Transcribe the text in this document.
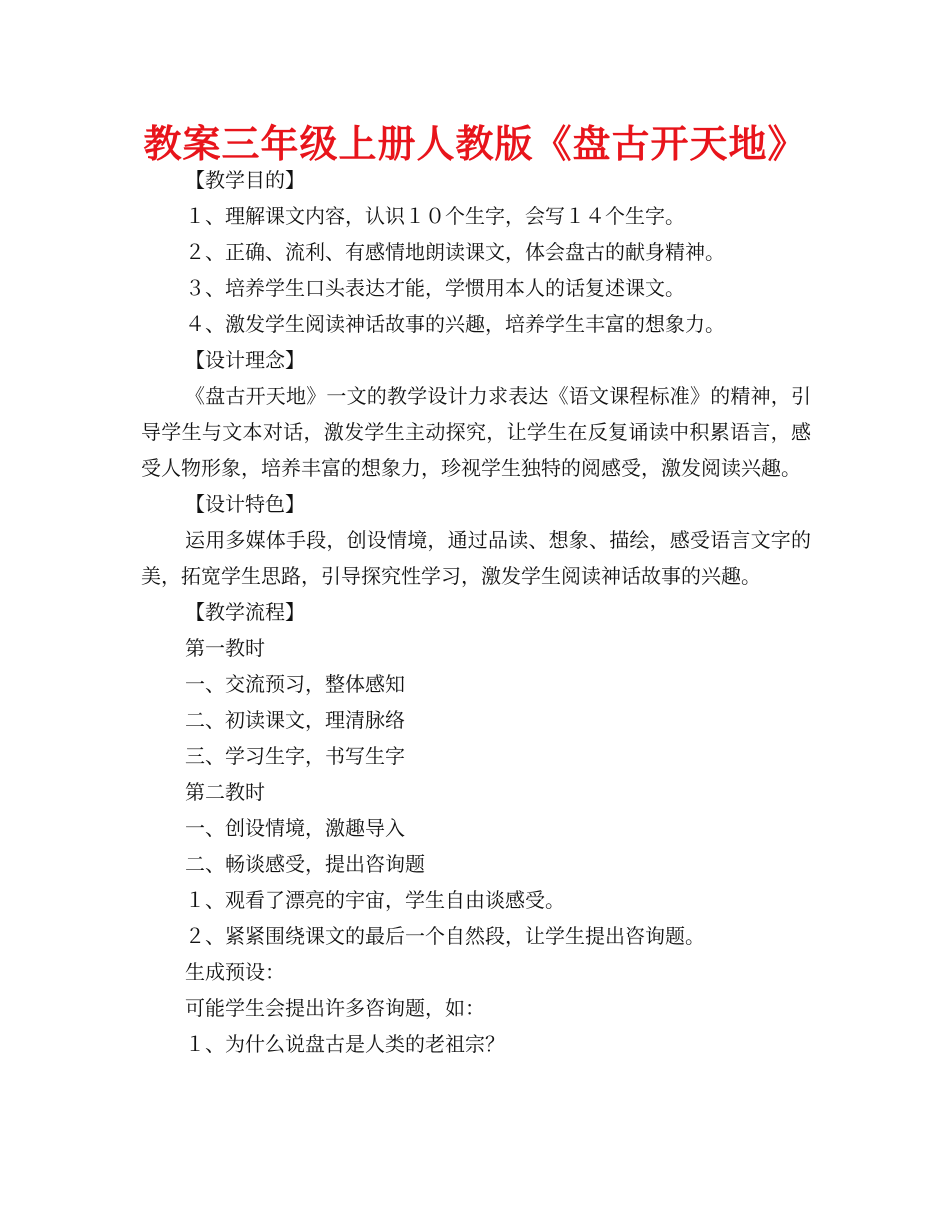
教案三年级上册人教版《盘古开天地》
【教学目的】
１、理解课文内容，认识１０个生字，会写１４个生字。
２、正确、流利、有感情地朗读课文，体会盘古的献身精神。
３、培养学生口头表达才能，学惯用本人的话复述课文。
４、激发学生阅读神话故事的兴趣，培养学生丰富的想象力。
【设计理念】

《盘古开天地》一文的教学设计力求表达《语文课程标准》的精神，引导学生与文本对话，激发学生主动探究，让学生在反复诵读中积累语言，感受人物形象，培养丰富的想象力，珍视学生独特的阅感受，激发阅读兴趣。

【设计特色】

运用多媒体手段，创设情境，通过品读、想象、描绘，感受语言文字的美，拓宽学生思路，引导探究性学习，激发学生阅读神话故事的兴趣。

【教学流程】
第一教时
一、交流预习，整体感知
二、初读课文，理清脉络
三、学习生字，书写生字
第二教时
一、创设情境，激趣导入
二、畅谈感受，提出咨询题
１、观看了漂亮的宇宙，学生自由谈感受。
２、紧紧围绕课文的最后一个自然段，让学生提出咨询题。
生成预设：
可能学生会提出许多咨询题，如：
１、为什么说盘古是人类的老祖宗？
